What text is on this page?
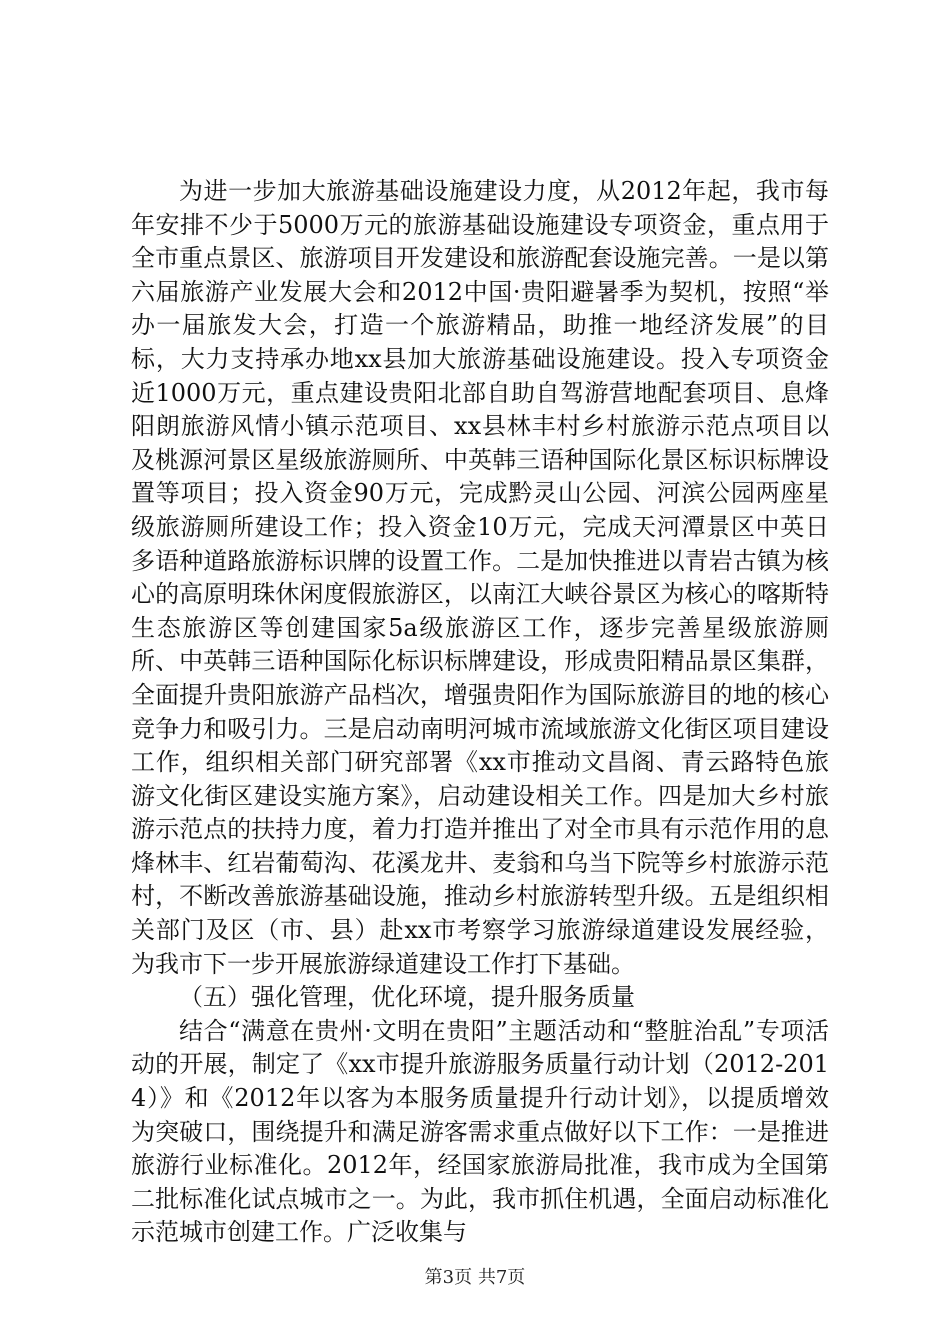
为进一步加大旅游基础设施建设力度，从2012年起，我市每年安排不少于5000万元的旅游基础设施建设专项资金，重点用于全市重点景区、旅游项目开发建设和旅游配套设施完善。一是以第六届旅游产业发展大会和2012中国·贵阳避暑季为契机，按照“举办一届旅发大会，打造一个旅游精品，助推一地经济发展”的目标，大力支持承办地xx县加大旅游基础设施建设。投入专项资金近1000万元，重点建设贵阳北部自助自驾游营地配套项目、息烽阳朗旅游风情小镇示范项目、xx县林丰村乡村旅游示范点项目以及桃源河景区星级旅游厕所、中英韩三语种国际化景区标识标牌设置等项目；投入资金90万元，完成黔灵山公园、河滨公园两座星级旅游厕所建设工作；投入资金10万元，完成天河潭景区中英日多语种道路旅游标识牌的设置工作。二是加快推进以青岩古镇为核心的高原明珠休闲度假旅游区，以南江大峡谷景区为核心的喀斯特生态旅游区等创建国家5a级旅游区工作，逐步完善星级旅游厕所、中英韩三语种国际化标识标牌建设，形成贵阳精品景区集群，全面提升贵阳旅游产品档次，增强贵阳作为国际旅游目的地的核心竞争力和吸引力。三是启动南明河城市流域旅游文化街区项目建设工作，组织相关部门研究部署《xx市推动文昌阁、青云路特色旅游文化街区建设实施方案》，启动建设相关工作。四是加大乡村旅游示范点的扶持力度，着力打造并推出了对全市具有示范作用的息烽林丰、红岩葡萄沟、花溪龙井、麦翁和乌当下院等乡村旅游示范村，不断改善旅游基础设施，推动乡村旅游转型升级。五是组织相关部门及区（市、县）赴xx市考察学习旅游绿道建设发展经验，为我市下一步开展旅游绿道建设工作打下基础。

（五）强化管理，优化环境，提升服务质量

结合“满意在贵州·文明在贵阳”主题活动和“整脏治乱”专项活动的开展，制定了《xx市提升旅游服务质量行动计划（2012-2014）》和《2012年以客为本服务质量提升行动计划》，以提质增效为突破口，围绕提升和满足游客需求重点做好以下工作：一是推进旅游行业标准化。2012年，经国家旅游局批准，我市成为全国第二批标准化试点城市之一。为此，我市抓住机遇，全面启动标准化示范城市创建工作。广泛收集与

第3页 共7页
